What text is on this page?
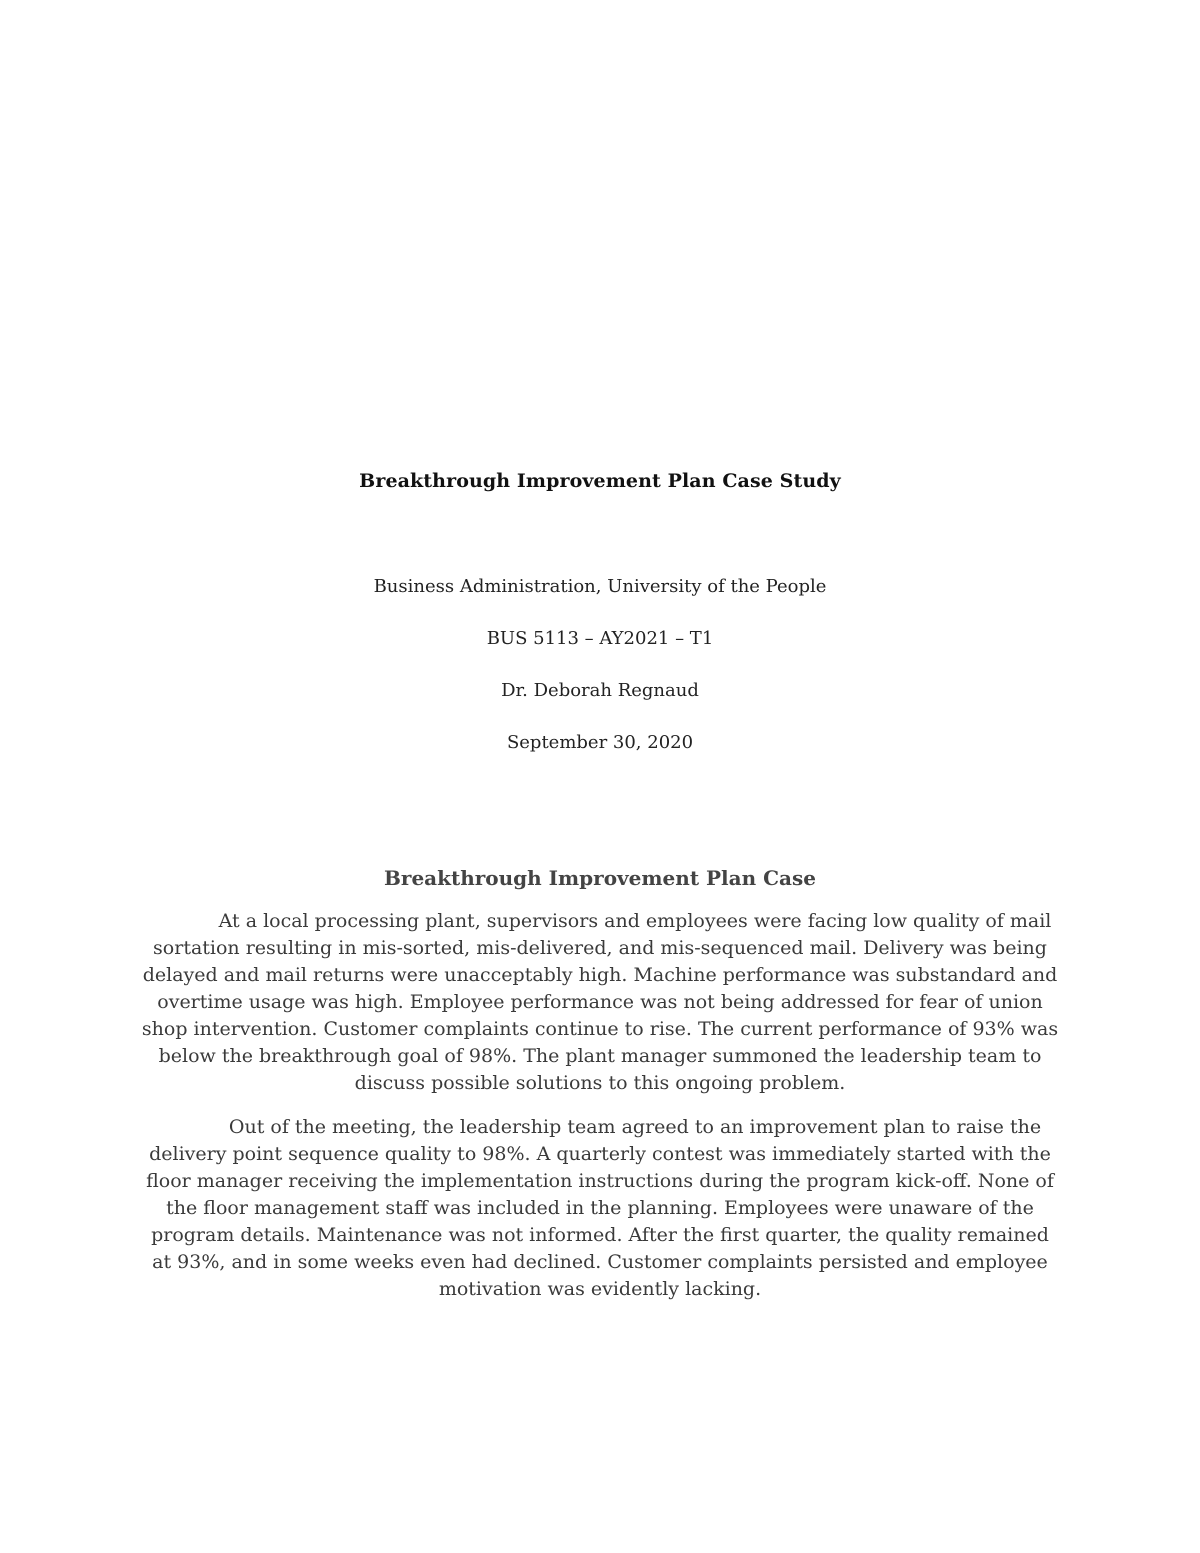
Breakthrough Improvement Plan Case Study
Business Administration, University of the People
BUS 5113 – AY2021 – T1
Dr. Deborah Regnaud
September 30, 2020
Breakthrough Improvement Plan Case

At a local processing plant, supervisors and employees were facing low quality of mail sortation resulting in mis-sorted, mis-delivered, and mis-sequenced mail. Delivery was being delayed and mail returns were unacceptably high. Machine performance was substandard and overtime usage was high. Employee performance was not being addressed for fear of union shop intervention. Customer complaints continue to rise. The current performance of 93% was below the breakthrough goal of 98%. The plant manager summoned the leadership team to discuss possible solutions to this ongoing problem.

Out of the meeting, the leadership team agreed to an improvement plan to raise the delivery point sequence quality to 98%. A quarterly contest was immediately started with the floor manager receiving the implementation instructions during the program kick-off. None of the floor management staff was included in the planning. Employees were unaware of the program details. Maintenance was not informed. After the first quarter, the quality remained at 93%, and in some weeks even had declined. Customer complaints persisted and employee motivation was evidently lacking.
